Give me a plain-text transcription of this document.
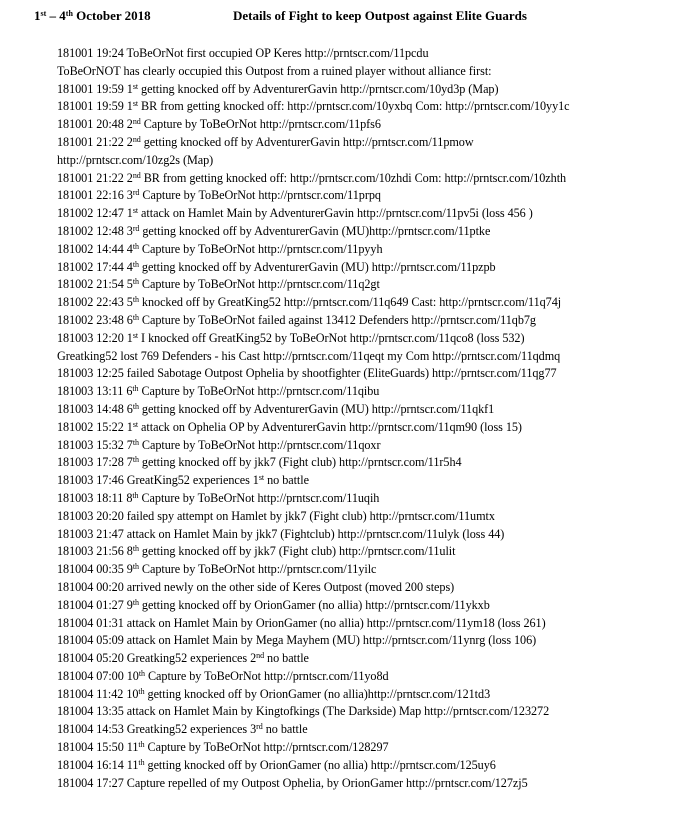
1st – 4th October 2018	Details of Fight to keep Outpost against Elite Guards
181001 19:24 ToBeOrNot first occupied OP Keres http://prntscr.com/11pcdu
ToBeOrNOT has clearly occupied this Outpost from a ruined player without alliance first:
181001 19:59 1st getting knocked off by AdventurerGavin http://prntscr.com/10yd3p (Map)
181001 19:59 1st BR from getting knocked off: http://prntscr.com/10yxbq Com: http://prntscr.com/10yy1c
181001 20:48 2nd Capture by ToBeOrNot http://prntscr.com/11pfs6
181001 21:22 2nd getting knocked off by AdventurerGavin http://prntscr.com/11pmow
http://prntscr.com/10zg2s (Map)
181001 21:22 2nd BR from getting knocked off: http://prntscr.com/10zhdi Com: http://prntscr.com/10zhth
181001 22:16 3rd Capture by ToBeOrNot http://prntscr.com/11prpq
181002 12:47 1st attack on Hamlet Main by AdventurerGavin http://prntscr.com/11pv5i (loss 456 )
181002 12:48 3rd getting knocked off by AdventurerGavin (MU)http://prntscr.com/11ptke
181002 14:44 4th Capture by ToBeOrNot http://prntscr.com/11pyyh
181002 17:44 4th getting knocked off by AdventurerGavin (MU) http://prntscr.com/11pzpb
181002 21:54 5th Capture by ToBeOrNot http://prntscr.com/11q2gt
181002 22:43 5th knocked off by GreatKing52 http://prntscr.com/11q649 Cast: http://prntscr.com/11q74j
181002 23:48 6th Capture by ToBeOrNot failed against 13412 Defenders http://prntscr.com/11qb7g
181003 12:20 1st I knocked off GreatKing52 by ToBeOrNot http://prntscr.com/11qco8 (loss 532)
Greatking52 lost 769 Defenders - his Cast http://prntscr.com/11qeqt my Com http://prntscr.com/11qdmq
181003 12:25 failed Sabotage Outpost Ophelia by shootfighter (EliteGuards) http://prntscr.com/11qg77
181003 13:11 6th Capture by ToBeOrNot http://prntscr.com/11qibu
181003 14:48 6th getting knocked off by AdventurerGavin (MU) http://prntscr.com/11qkf1
181002 15:22 1st attack on Ophelia OP by AdventurerGavin http://prntscr.com/11qm90 (loss 15)
181003 15:32 7th Capture by ToBeOrNot http://prntscr.com/11qoxr
181003 17:28 7th getting knocked off by jkk7 (Fight club) http://prntscr.com/11r5h4
181003 17:46 GreatKing52 experiences 1st no battle
181003 18:11 8th Capture by ToBeOrNot http://prntscr.com/11uqih
181003 20:20 failed spy attempt on Hamlet by jkk7 (Fight club) http://prntscr.com/11umtx
181003 21:47 attack on Hamlet Main by jkk7 (Fightclub) http://prntscr.com/11ulyk (loss 44)
181003 21:56 8th getting knocked off by jkk7 (Fight club) http://prntscr.com/11ulit
181004 00:35 9th Capture by ToBeOrNot http://prntscr.com/11yilc
181004 00:20 arrived newly on the other side of Keres Outpost (moved 200 steps)
181004 01:27 9th getting knocked off by OrionGamer (no allia) http://prntscr.com/11ykxb
181004 01:31 attack on Hamlet Main by OrionGamer (no allia) http://prntscr.com/11ym18 (loss 261)
181004 05:09 attack on Hamlet Main by Mega Mayhem (MU) http://prntscr.com/11ynrg (loss 106)
181004 05:20 Greatking52 experiences 2nd no battle
181004 07:00 10th Capture by ToBeOrNot http://prntscr.com/11yo8d
181004 11:42 10th getting knocked off by OrionGamer (no allia)http://prntscr.com/121td3
181004 13:35 attack on Hamlet Main by Kingtofkings (The Darkside) Map http://prntscr.com/123272
181004 14:53 Greatking52 experiences 3rd no battle
181004 15:50 11th Capture by ToBeOrNot http://prntscr.com/128297
181004 16:14 11th getting knocked off by OrionGamer (no allia) http://prntscr.com/125uy6
181004 17:27 Capture repelled of my Outpost Ophelia, by OrionGamer http://prntscr.com/127zj5
